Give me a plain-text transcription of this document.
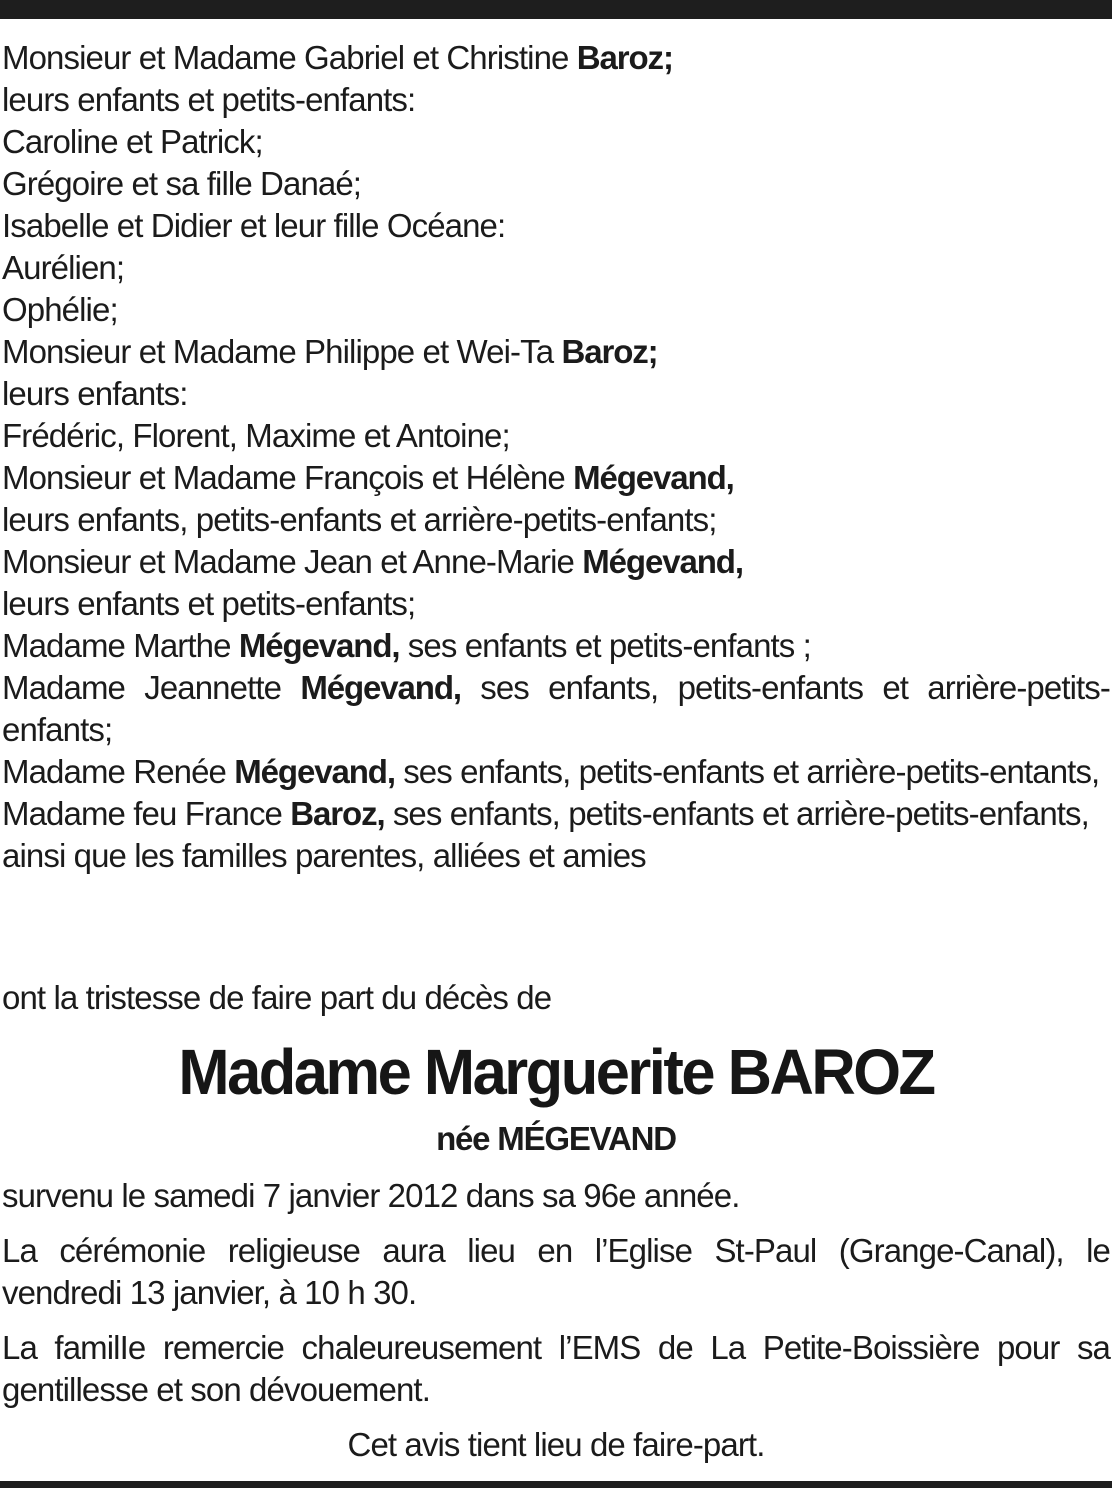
Monsieur et Madame Gabriel et Christine Baroz;
leurs enfants et petits-enfants:
Caroline et Patrick;
Grégoire et sa fille Danaé;
Isabelle et Didier et leur fille Océane:
Aurélien;
Ophélie;
Monsieur et Madame Philippe et Wei-Ta Baroz;
leurs enfants:
Frédéric, Florent, Maxime et Antoine;
Monsieur et Madame François et Hélène Mégevand,
leurs enfants, petits-enfants et arrière-petits-enfants;
Monsieur et Madame Jean et Anne-Marie Mégevand,
leurs enfants et petits-enfants;
Madame Marthe Mégevand, ses enfants et petits-enfants ;
Madame Jeannette Mégevand, ses enfants, petits-enfants et arrière-petits-enfants;
Madame Renée Mégevand, ses enfants, petits-enfants et arrière-petits-entants,
Madame feu France Baroz, ses enfants, petits-enfants et arrière-petits-enfants,
ainsi que les familles parentes, alliées et amies
ont la tristesse de faire part du décès de
Madame Marguerite BAROZ
née MÉGEVAND

survenu le samedi 7 janvier 2012 dans sa 96e année.

La cérémonie religieuse aura lieu en l’Eglise St-Paul (Grange-Canal), le vendredi 13 janvier, à 10 h 30.

La familIe remercie chaleureusement l’EMS de La Petite-Boissière pour sa gentillesse et son dévouement.

Cet avis tient lieu de faire-part.
